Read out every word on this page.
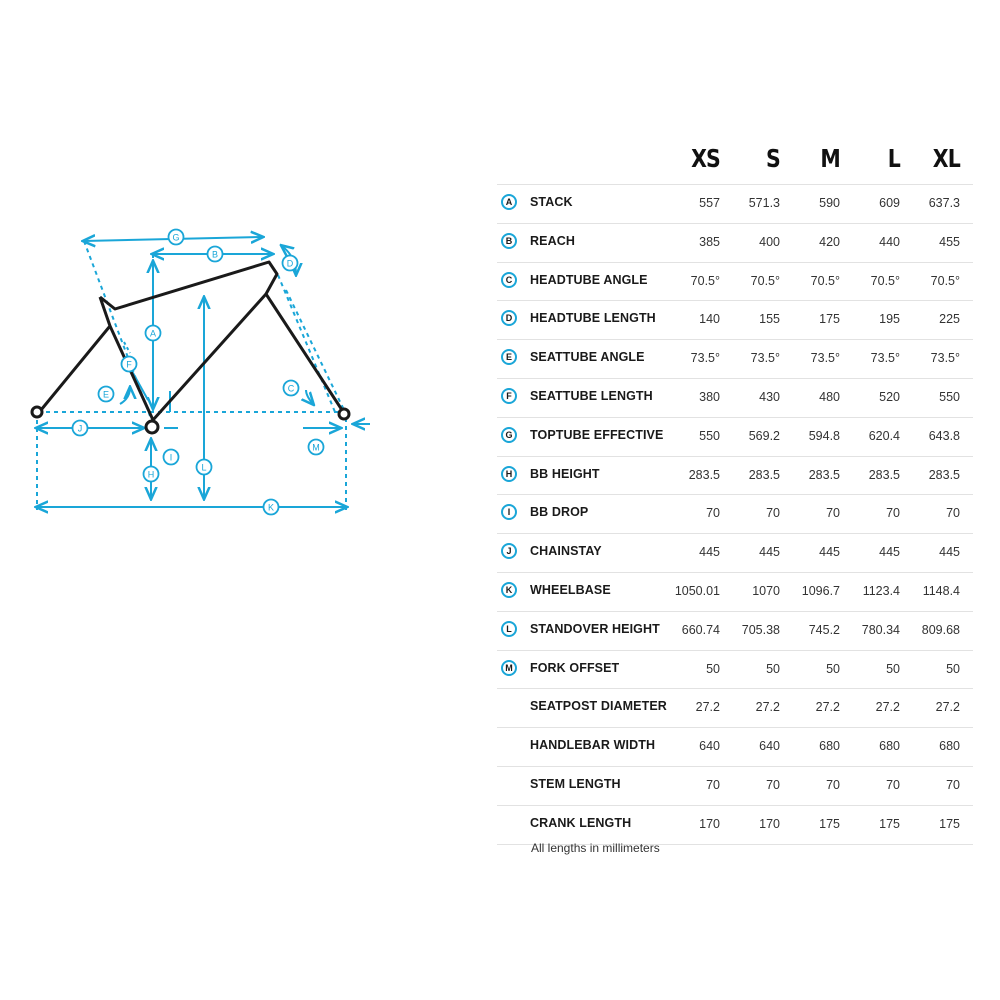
A
B
C
D
E
F
G
H
I
J
K
L
M
XS	S	M	L	XL
A	STACK	557	571.3	590	609	637.3
B	REACH	385	400	420	440	455
C	HEADTUBE ANGLE	70.5°	70.5°	70.5°	70.5°	70.5°
D	HEADTUBE LENGTH	140	155	175	195	225
E	SEATTUBE ANGLE	73.5°	73.5°	73.5°	73.5°	73.5°
F	SEATTUBE LENGTH	380	430	480	520	550
G	TOPTUBE EFFECTIVE	550	569.2	594.8	620.4	643.8
H	BB HEIGHT	283.5	283.5	283.5	283.5	283.5
I	BB DROP	70	70	70	70	70
J	CHAINSTAY	445	445	445	445	445
K	WHEELBASE	1050.01	1070	1096.7	1123.4	1148.4
L	STANDOVER HEIGHT	660.74	705.38	745.2	780.34	809.68
M	FORK OFFSET	50	50	50	50	50
SEATPOST DIAMETER	27.2	27.2	27.2	27.2	27.2
HANDLEBAR WIDTH	640	640	680	680	680
STEM LENGTH	70	70	70	70	70
CRANK LENGTH	170	170	175	175	175
All lengths in millimeters
